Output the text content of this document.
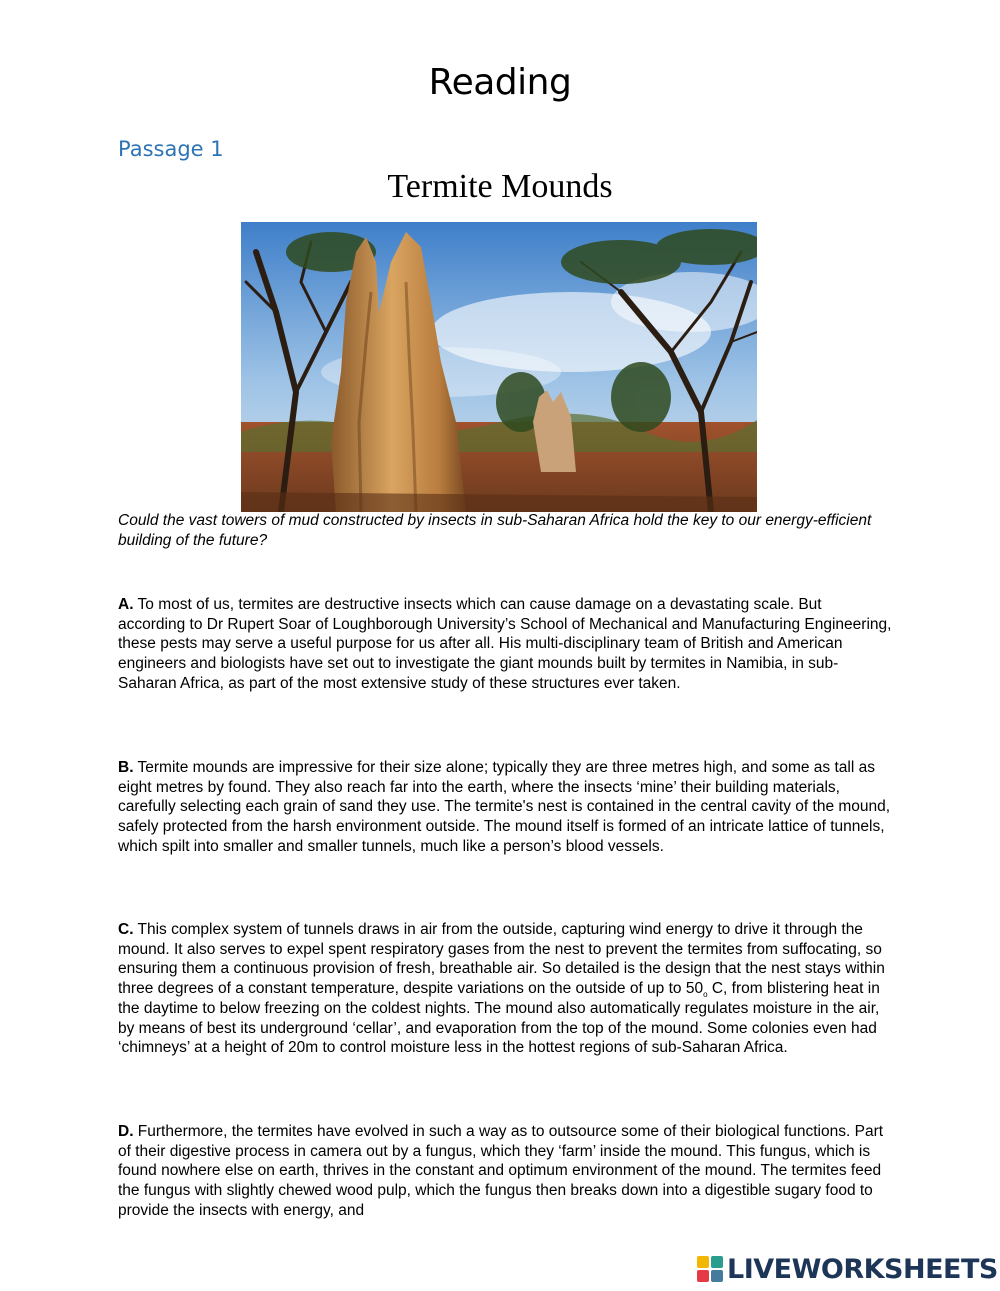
Reading
Passage 1
Termite Mounds
Could the vast towers of mud constructed by insects in sub-Saharan Africa hold the key to our energy-efficient building of the future?

A. To most of us, termites are destructive insects which can cause damage on a devastating scale. But according to Dr Rupert Soar of Loughborough University’s School of Mechanical and Manufacturing Engineering, these pests may serve a useful purpose for us after all. His multi-disciplinary team of British and American engineers and biologists have set out to investigate the giant mounds built by termites in Namibia, in sub-Saharan Africa, as part of the most extensive study of these structures ever taken.

B. Termite mounds are impressive for their size alone; typically they are three metres high, and some as tall as eight metres by found. They also reach far into the earth, where the insects ‘mine’ their building materials, carefully selecting each grain of sand they use. The termite's nest is contained in the central cavity of the mound, safely protected from the harsh environment outside. The mound itself is formed of an intricate lattice of tunnels, which spilt into smaller and smaller tunnels, much like a person’s blood vessels.

C. This complex system of tunnels draws in air from the outside, capturing wind energy to drive it through the mound. It also serves to expel spent respiratory gases from the nest to prevent the termites from suffocating, so ensuring them a continuous provision of fresh, breathable air. So detailed is the design that the nest stays within three degrees of a constant temperature, despite variations on the outside of up to 50$^o$ C, from blistering heat in the daytime to below freezing on the coldest nights. The mound also automatically regulates moisture in the air, by means of best its underground ‘cellar’, and evaporation from the top of the mound. Some colonies even had ‘chimneys’ at a height of 20m to control moisture less in the hottest regions of sub-Saharan Africa.

D. Furthermore, the termites have evolved in such a way as to outsource some of their biological functions. Part of their digestive process in camera out by a fungus, which they ‘farm’ inside the mound. This fungus, which is found nowhere else on earth, thrives in the constant and optimum environment of the mound. The termites feed the fungus with slightly chewed wood pulp, which the fungus then breaks down into a digestible sugary food to provide the insects with energy, and

LIVEWORKSHEETS
